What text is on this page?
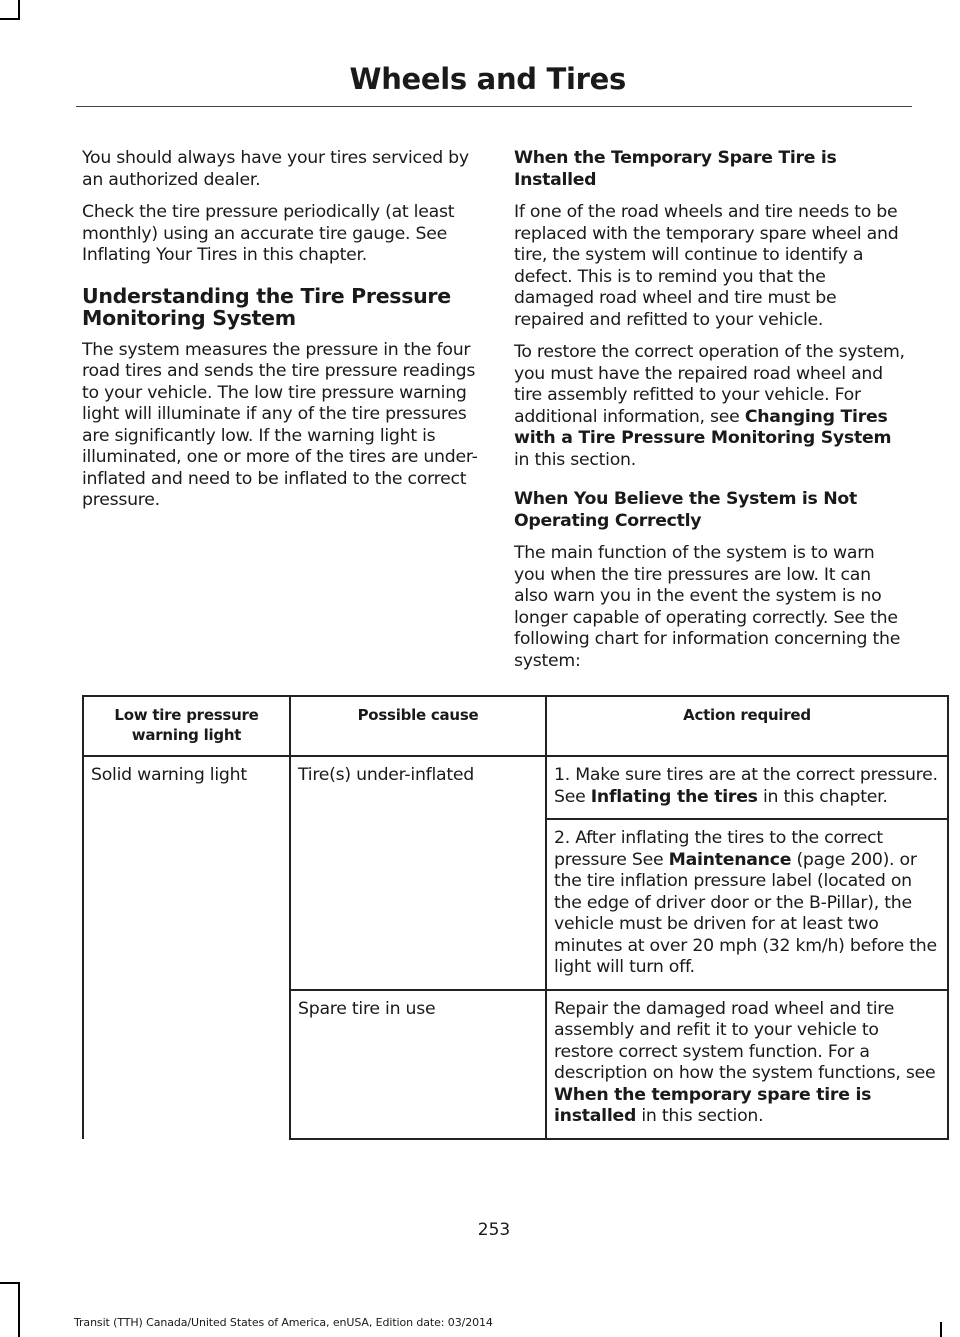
Wheels and Tires

You should always have your tires serviced by an authorized dealer.

Check the tire pressure periodically (at least monthly) using an accurate tire gauge. See Inflating Your Tires in this chapter.

Understanding the Tire Pressure Monitoring System

The system measures the pressure in the four road tires and sends the tire pressure readings to your vehicle. The low tire pressure warning light will illuminate if any of the tire pressures are significantly low. If the warning light is illuminated, one or more of the tires are under-inflated and need to be inflated to the correct pressure.

When the Temporary Spare Tire is Installed

If one of the road wheels and tire needs to be replaced with the temporary spare wheel and tire, the system will continue to identify a defect. This is to remind you that the damaged road wheel and tire must be repaired and refitted to your vehicle.

To restore the correct operation of the system, you must have the repaired road wheel and tire assembly refitted to your vehicle. For additional information, see Changing Tires with a Tire Pressure Monitoring System in this section.

When You Believe the System is Not Operating Correctly

The main function of the system is to warn you when the tire pressures are low. It can also warn you in the event the system is no longer capable of operating correctly. See the following chart for information concerning the system:

Low tire pressure warning light	Possible cause	Action required
Solid warning light	Tire(s) under-inflated	1. Make sure tires are at the correct pressure. See Inflating the tires in this chapter.
		2. After inflating the tires to the correct pressure See Maintenance (page 200). or the tire inflation pressure label (located on the edge of driver door or the B-Pillar), the vehicle must be driven for at least two minutes at over 20 mph (32 km/h) before the light will turn off.
	Spare tire in use	Repair the damaged road wheel and tire assembly and refit it to your vehicle to restore correct system function. For a description on how the system functions, see When the temporary spare tire is installed in this section.
253
Transit (TTH) Canada/United States of America, enUSA, Edition date: 03/2014
